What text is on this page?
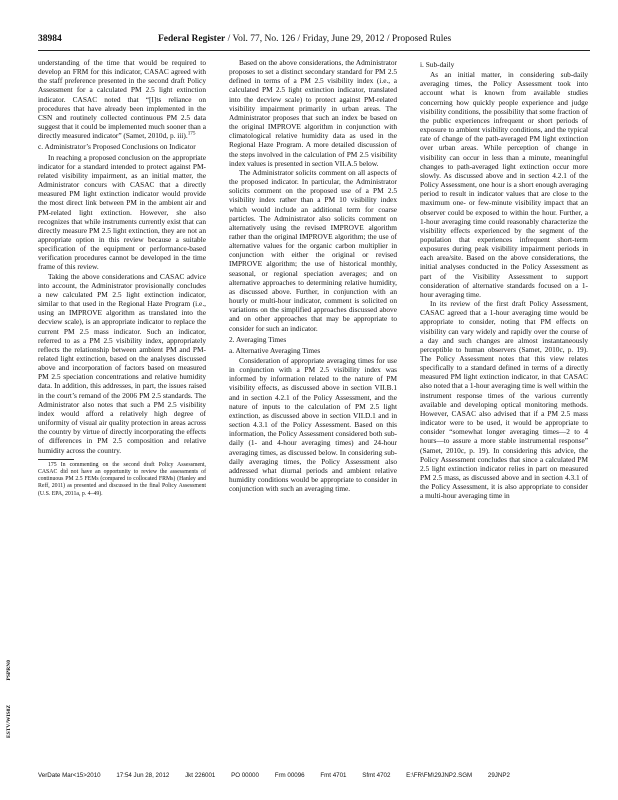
38984	Federal Register / Vol. 77, No. 126 / Friday, June 29, 2012 / Proposed Rules

understanding of the time that would be required to develop an FRM for this indicator, CASAC agreed with the staff preference presented in the second draft Policy Assessment for a calculated PM 2.5 light extinction indicator. CASAC noted that “[I]ts reliance on procedures that have already been implemented in the CSN and routinely collected continuous PM 2.5 data suggest that it could be implemented much sooner than a directly measured indicator” (Samet, 2010d, p. iii).$^{175}$

c. Administrator’s Proposed Conclusions on Indicator

In reaching a proposed conclusion on the appropriate indicator for a standard intended to protect against PM-related visibility impairment, as an initial matter, the Administrator concurs with CASAC that a directly measured PM light extinction indicator would provide the most direct link between PM in the ambient air and PM-related light extinction. However, she also recognizes that while instruments currently exist that can directly measure PM 2.5 light extinction, they are not an appropriate option in this review because a suitable specification of the equipment or performance-based verification procedures cannot be developed in the time frame of this review.

Taking the above considerations and CASAC advice into account, the Administrator provisionally concludes a new calculated PM 2.5 light extinction indicator, similar to that used in the Regional Haze Program (i.e., using an IMPROVE algorithm as translated into the decview scale), is an appropriate indicator to replace the current PM 2.5 mass indicator. Such an indicator, referred to as a PM 2.5 visibility index, appropriately reflects the relationship between ambient PM and PM-related light extinction, based on the analyses discussed above and incorporation of factors based on measured PM 2.5 speciation concentrations and relative humidity data. In addition, this addresses, in part, the issues raised in the court’s remand of the 2006 PM 2.5 standards. The Administrator also notes that such a PM 2.5 visibility index would afford a relatively high degree of uniformity of visual air quality protection in areas across the country by virtue of directly incorporating the effects of differences in PM 2.5 composition and relative humidity across the country.

175 In commenting on the second draft Policy Assessment, CASAC did not have an opportunity to review the assessments of continuous PM 2.5 FEMs (compared to collocated FRMs) (Hanley and Reff, 2011) as presented and discussed in the final Policy Assessment (U.S. EPA, 2011a, p. 4–49).

Based on the above considerations, the Administrator proposes to set a distinct secondary standard for PM 2.5 defined in terms of a PM 2.5 visibility index (i.e., a calculated PM 2.5 light extinction indicator, translated into the decview scale) to protect against PM-related visibility impairment primarily in urban areas. The Administrator proposes that such an index be based on the original IMPROVE algorithm in conjunction with climatological relative humidity data as used in the Regional Haze Program. A more detailed discussion of the steps involved in the calculation of PM 2.5 visibility index values is presented in section VII.A.5 below.

The Administrator solicits comment on all aspects of the proposed indicator. In particular, the Administrator solicits comment on the proposed use of a PM 2.5 visibility index rather than a PM 10 visibility index which would include an additional term for coarse particles. The Administrator also solicits comment on alternatively using the revised IMPROVE algorithm rather than the original IMPROVE algorithm; the use of alternative values for the organic carbon multiplier in conjunction with either the original or revised IMPROVE algorithm; the use of historical monthly, seasonal, or regional speciation averages; and on alternative approaches to determining relative humidity, as discussed above. Further, in conjunction with an hourly or multi-hour indicator, comment is solicited on variations on the simplified approaches discussed above and on other approaches that may be appropriate to consider for such an indicator.

2. Averaging Times

a. Alternative Averaging Times

Consideration of appropriate averaging times for use in conjunction with a PM 2.5 visibility index was informed by information related to the nature of PM visibility effects, as discussed above in section VII.B.1 and in section 4.2.1 of the Policy Assessment, and the nature of inputs to the calculation of PM 2.5 light extinction, as discussed above in section VII.D.1 and in section 4.3.1 of the Policy Assessment. Based on this information, the Policy Assessment considered both sub-daily (1- and 4-hour averaging times) and 24-hour averaging times, as discussed below. In considering sub-daily averaging times, the Policy Assessment also addressed what diurnal periods and ambient relative humidity conditions would be appropriate to consider in conjunction with such an averaging time.

i. Sub-daily

As an initial matter, in considering sub-daily averaging times, the Policy Assessment took into account what is known from available studies concerning how quickly people experience and judge visibility conditions, the possibility that some fraction of the public experiences infrequent or short periods of exposure to ambient visibility conditions, and the typical rate of change of the path-averaged PM light extinction over urban areas. While perception of change in visibility can occur in less than a minute, meaningful changes to path-averaged light extinction occur more slowly. As discussed above and in section 4.2.1 of the Policy Assessment, one hour is a short enough averaging period to result in indicator values that are close to the maximum one- or few-minute visibility impact that an observer could be exposed to within the hour. Further, a 1-hour averaging time could reasonably characterize the visibility effects experienced by the segment of the population that experiences infrequent short-term exposures during peak visibility impairment periods in each area/site. Based on the above considerations, the initial analyses conducted in the Policy Assessment as part of the Visibility Assessment to support consideration of alternative standards focused on a 1-hour averaging time.

In its review of the first draft Policy Assessment, CASAC agreed that a 1-hour averaging time would be appropriate to consider, noting that PM effects on visibility can vary widely and rapidly over the course of a day and such changes are almost instantaneously perceptible to human observers (Samet, 2010c, p. 19). The Policy Assessment notes that this view relates specifically to a standard defined in terms of a directly measured PM light extinction indicator, in that CASAC also noted that a 1-hour averaging time is well within the instrument response times of the various currently available and developing optical monitoring methods. However, CASAC also advised that if a PM 2.5 mass indicator were to be used, it would be appropriate to consider “somewhat longer averaging times—2 to 4 hours—to assure a more stable instrumental response” (Samet, 2010c, p. 19). In considering this advice, the Policy Assessment concludes that since a calculated PM 2.5 light extinction indicator relies in part on measured PM 2.5 mass, as discussed above and in section 4.3.1 of the Policy Assessment, it is also appropriate to consider a multi-hour averaging time in

PSPRN0
ESTV/WIS0Z
VerDate Mar<15>2010	17:54 Jun 28, 2012	Jkt 226001	PO 00000	Frm 00096	Fmt 4701	Sfmt 4702	E:\FR\FM\29JNP2.SGM	29JNP2
